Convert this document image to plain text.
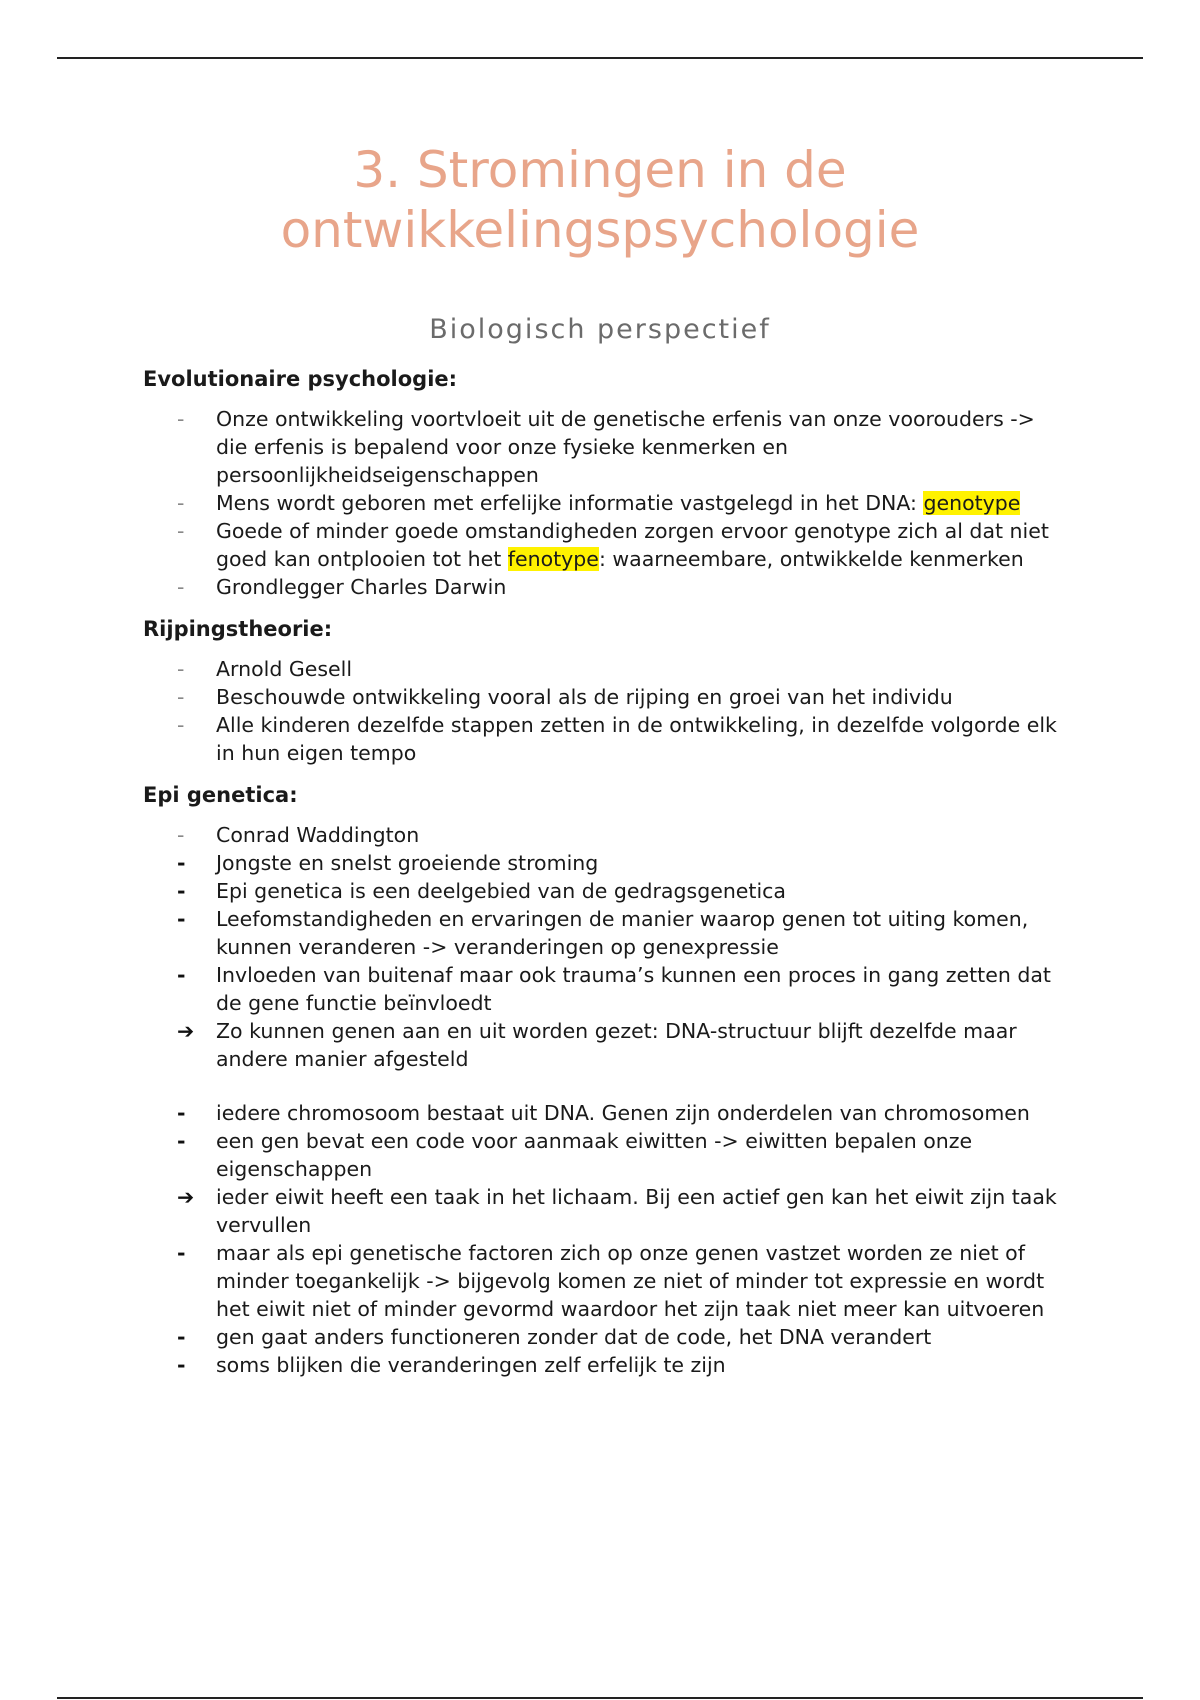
3. Stromingen in de
ontwikkelingspsychologie
Biologisch perspectief
Evolutionaire psychologie:
-	Onze ontwikkeling voortvloeit uit de genetische erfenis van onze voorouders -> die erfenis is bepalend voor onze fysieke kenmerken en persoonlijkheidseigenschappen
-	Mens wordt geboren met erfelijke informatie vastgelegd in het DNA: genotype
-	Goede of minder goede omstandigheden zorgen ervoor genotype zich al dat niet goed kan ontplooien tot het fenotype: waarneembare, ontwikkelde kenmerken
-	Grondlegger Charles Darwin
Rijpingstheorie:
-	Arnold Gesell
-	Beschouwde ontwikkeling vooral als de rijping en groei van het individu
-	Alle kinderen dezelfde stappen zetten in de ontwikkeling, in dezelfde volgorde elk in hun eigen tempo
Epi genetica:
-	Conrad Waddington
-	Jongste en snelst groeiende stroming
-	Epi genetica is een deelgebied van de gedragsgenetica
-	Leefomstandigheden en ervaringen de manier waarop genen tot uiting komen, kunnen veranderen -> veranderingen op genexpressie
-	Invloeden van buitenaf maar ook trauma’s kunnen een proces in gang zetten dat de gene functie beïnvloedt
➔ Zo kunnen genen aan en uit worden gezet: DNA-structuur blijft dezelfde maar andere manier afgesteld
-	iedere chromosoom bestaat uit DNA. Genen zijn onderdelen van chromosomen
-	een gen bevat een code voor aanmaak eiwitten -> eiwitten bepalen onze eigenschappen
➔ ieder eiwit heeft een taak in het lichaam. Bij een actief gen kan het eiwit zijn taak vervullen
-	maar als epi genetische factoren zich op onze genen vastzet worden ze niet of minder toegankelijk -> bijgevolg komen ze niet of minder tot expressie en wordt het eiwit niet of minder gevormd waardoor het zijn taak niet meer kan uitvoeren
-	gen gaat anders functioneren zonder dat de code, het DNA verandert
-	soms blijken die veranderingen zelf erfelijk te zijn
